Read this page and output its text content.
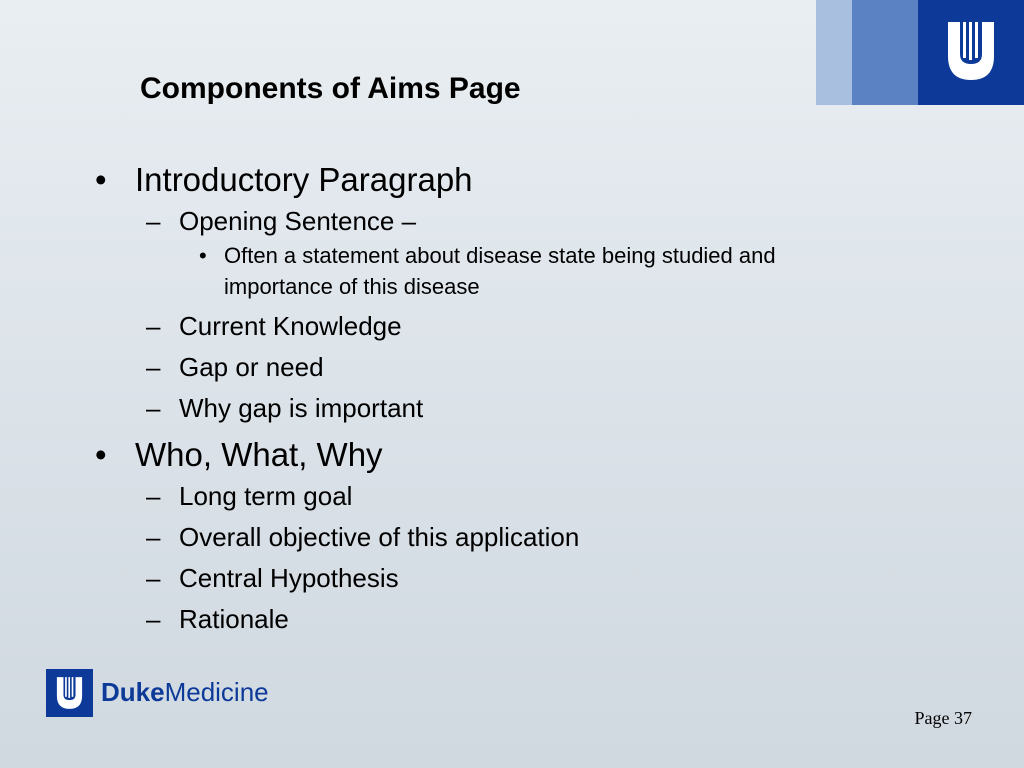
Components of Aims Page
• Introductory Paragraph
– Opening Sentence –
• Often a statement about disease state being studied and importance of this disease
– Current Knowledge
– Gap or need
– Why gap is important
• Who, What, Why
– Long term goal
– Overall objective of this application
– Central Hypothesis
– Rationale
DukeMedicine
Page 37
